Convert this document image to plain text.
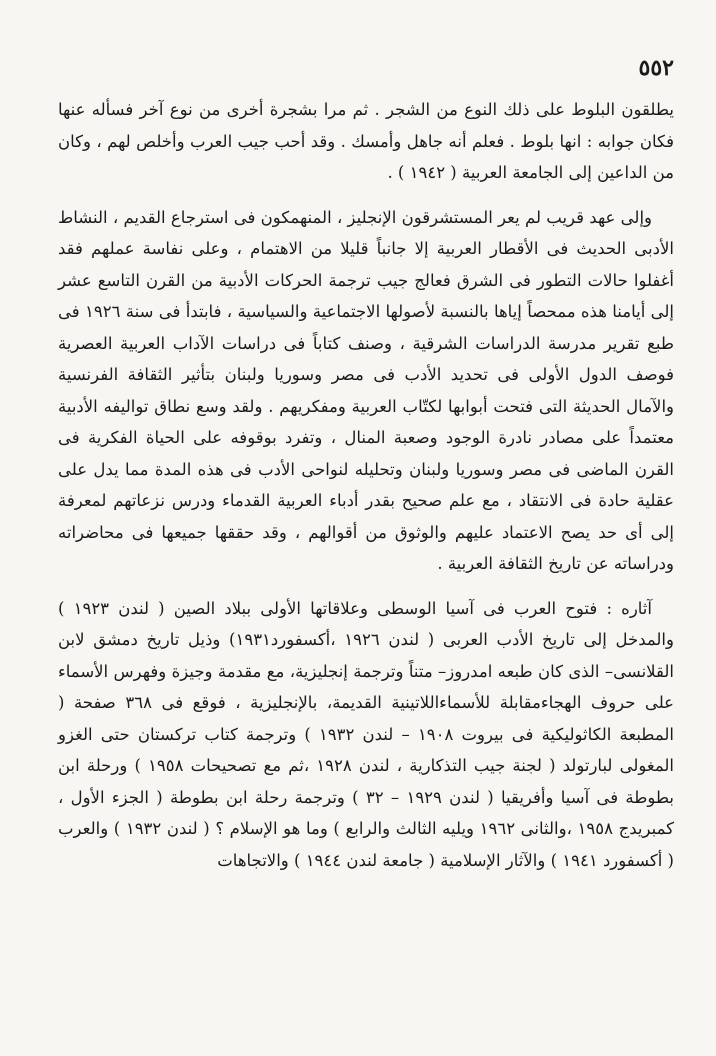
٥٥٢

يطلقون البلوط على ذلك النوع من الشجر . ثم مرا بشجرة أخرى من نوع آخر فسأله عنها فكان جوابه : انها بلوط . فعلم أنه جاهل وأمسك . وقد أحب جيب العرب وأخلص لهم ، وكان من الداعين إلى الجامعة العربية ( ١٩٤٢ ) .

وإلى عهد قريب لم يعر المستشرقون الإنجليز ، المنهمكون فى استرجاع القديم ، النشاط الأدبى الحديث فى الأقطار العربية إلا جانباً قليلا من الاهتمام ، وعلى نفاسة عملهم فقد أغفلوا حالات التطور فى الشرق فعالج جيب ترجمة الحركات الأدبية من القرن التاسع عشر إلى أيامنا هذه ممحصاً إياها بالنسبة لأصولها الاجتماعية والسياسية ، فابتدأ فى سنة ١٩٢٦ فى طبع تقرير مدرسة الدراسات الشرقية ، وصنف كتاباً فى دراسات الآداب العربية العصرية فوصف الدول الأولى فى تحديد الأدب فى مصر وسوريا ولبنان بتأثير الثقافة الفرنسية والآمال الحديثة التى فتحت أبوابها لكتّاب العربية ومفكريهم . ولقد وسع نطاق تواليفه الأدبية معتمداً على مصادر نادرة الوجود وصعبة المنال ، وتفرد بوقوفه على الحياة الفكرية فى القرن الماضى فى مصر وسوريا ولبنان وتحليله لنواحى الأدب فى هذه المدة مما يدل على عقلية حادة فى الانتقاد ، مع علم صحيح بقدر أدباء العربية القدماء ودرس نزعاتهم لمعرفة إلى أى حد يصح الاعتماد عليهم والوثوق من أقوالهم ، وقد حققها جميعها فى محاضراته ودراساته عن تاريخ الثقافة العربية .

آثاره : فتوح العرب فى آسيا الوسطى وعلاقاتها الأولى ببلاد الصين ( لندن ١٩٢٣ ) والمدخل إلى تاريخ الأدب العربى ( لندن ١٩٢٦ ،أكسفورد١٩٣١) وذيل تاريخ دمشق لابن القلانسى– الذى كان طبعه امدروز– متناً وترجمة إنجليزية، مع مقدمة وجيزة وفهرس الأسماء على حروف الهجاءمقابلة للأسماءاللاتينية القديمة، بالإنجليزية ، فوقع فى ٣٦٨ صفحة ( المطبعة الكاثوليكية فى بيروت ١٩٠٨ – لندن ١٩٣٢ ) وترجمة كتاب تركستان حتى الغزو المغولى لبارتولد ( لجنة جيب التذكارية ، لندن ١٩٢٨ ،ثم مع تصحيحات ١٩٥٨ ) ورحلة ابن بطوطة فى آسيا وأفريقيا ( لندن ١٩٢٩ – ٣٢ ) وترجمة رحلة ابن بطوطة ( الجزء الأول ، كمبريدج ١٩٥٨ ،والثانى ١٩٦٢ ويليه الثالث والرابع ) وما هو الإسلام ؟ ( لندن ١٩٣٢ ) والعرب ( أكسفورد ١٩٤١ ) والآثار الإسلامية ( جامعة لندن ١٩٤٤ ) والاتجاهات
